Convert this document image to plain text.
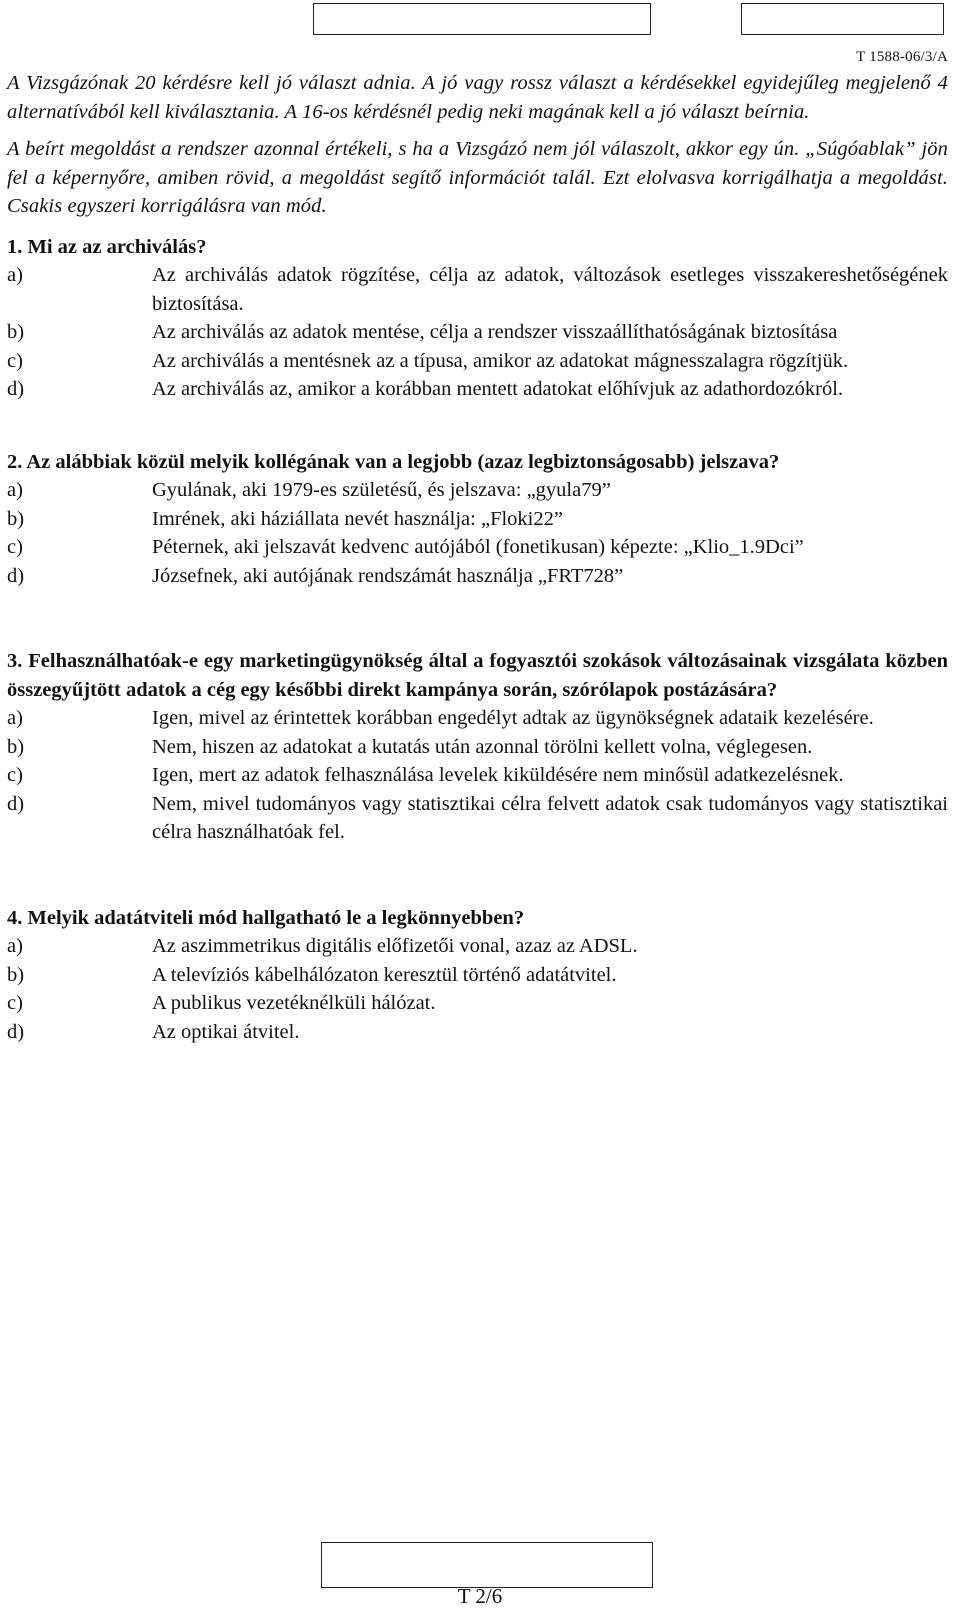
T 1588-06/3/A

A Vizsgázónak 20 kérdésre kell jó választ adnia. A jó vagy rossz választ a kérdésekkel egyidejűleg megjelenő 4 alternatívából kell kiválasztania. A 16-os kérdésnél pedig neki magának kell a jó választ beírnia.

A beírt megoldást a rendszer azonnal értékeli, s ha a Vizsgázó nem jól válaszolt, akkor egy ún. „Súgóablak” jön fel a képernyőre, amiben rövid, a megoldást segítő információt talál. Ezt elolvasva korrigálhatja a megoldást. Csakis egyszeri korrigálásra van mód.

1. Mi az az archiválás?

a)	Az archiválás adatok rögzítése, célja az adatok, változások esetleges visszakereshetőségének biztosítása.
b)	Az archiválás az adatok mentése, célja a rendszer visszaállíthatóságának biztosítása
c)	Az archiválás a mentésnek az a típusa, amikor az adatokat mágnesszalagra rögzítjük.
d)	Az archiválás az, amikor a korábban mentett adatokat előhívjuk az adathordozókról.

2. Az alábbiak közül melyik kollégának van a legjobb (azaz legbiztonságosabb) jelszava?

a)	Gyulának, aki 1979-es születésű, és jelszava: „gyula79”
b)	Imrének, aki háziállata nevét használja: „Floki22”
c)	Péternek, aki jelszavát kedvenc autójából (fonetikusan) képezte: „Klio_1.9Dci”
d)	Józsefnek, aki autójának rendszámát használja „FRT728”

3. Felhasználhatóak-e egy marketingügynökség által a fogyasztói szokások változásainak vizsgálata közben összegyűjtött adatok a cég egy későbbi direkt kampánya során, szórólapok postázására?

a)	Igen, mivel az érintettek korábban engedélyt adtak az ügynökségnek adataik kezelésére.
b)	Nem, hiszen az adatokat a kutatás után azonnal törölni kellett volna, véglegesen.
c)	Igen, mert az adatok felhasználása levelek kiküldésére nem minősül adatkezelésnek.
d)	Nem, mivel tudományos vagy statisztikai célra felvett adatok csak tudományos vagy statisztikai célra használhatóak fel.

4. Melyik adatátviteli mód hallgatható le a legkönnyebben?

a)	Az aszimmetrikus digitális előfizetői vonal, azaz az ADSL.
b)	A televíziós kábelhálózaton keresztül történő adatátvitel.
c)	A publikus vezetéknélküli hálózat.
d)	Az optikai átvitel.
T 2/6
